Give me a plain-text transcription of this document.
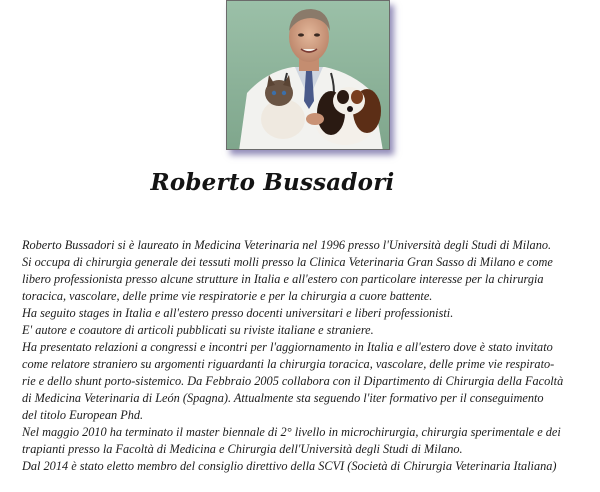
Roberto Bussadori
Roberto Bussadori si è laureato in Medicina Veterinaria nel 1996 presso l'Università degli Studi di Milano.
Si occupa di chirurgia generale dei tessuti molli presso la Clinica Veterinaria Gran Sasso di Milano e come
libero professionista presso alcune strutture in Italia e all'estero con particolare interesse per la chirurgia
toracica, vascolare, delle prime vie respiratorie e per la chirurgia a cuore battente.
Ha seguito stages in Italia e all'estero presso docenti universitari e liberi professionisti.
E' autore e coautore di articoli pubblicati su riviste italiane e straniere.
Ha presentato relazioni a congressi e incontri per l'aggiornamento in Italia e all'estero dove è stato invitato
come relatore straniero su argomenti riguardanti la chirurgia toracica, vascolare, delle prime vie respirato-
rie e dello shunt porto-sistemico. Da Febbraio 2005 collabora con il Dipartimento di Chirurgia della Facoltà
di Medicina Veterinaria di León (Spagna). Attualmente sta seguendo l'iter formativo per il conseguimento
del titolo European Phd.
Nel maggio 2010 ha terminato il master biennale di 2° livello in microchirurgia, chirurgia sperimentale e dei
trapianti presso la Facoltà di Medicina e Chirurgia dell'Università degli Studi di Milano.
Dal 2014 è stato eletto membro del consiglio direttivo della SCVI (Società di Chirurgia Veterinaria Italiana)
